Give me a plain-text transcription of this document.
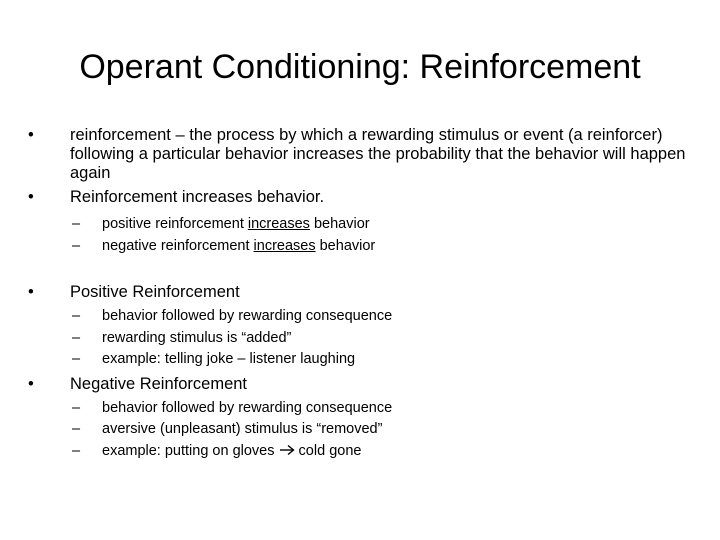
Operant Conditioning: Reinforcement
• reinforcement – the process by which a rewarding stimulus or event (a reinforcer) following a particular behavior increases the probability that the behavior will happen again
• Reinforcement increases behavior.
– positive reinforcement increases behavior
– negative reinforcement increases behavior
• Positive Reinforcement
– behavior followed by rewarding consequence
– rewarding stimulus is “added”
– example: telling joke – listener laughing
• Negative Reinforcement
– behavior followed by rewarding consequence
– aversive (unpleasant) stimulus is “removed”
– example: putting on gloves  cold gone
